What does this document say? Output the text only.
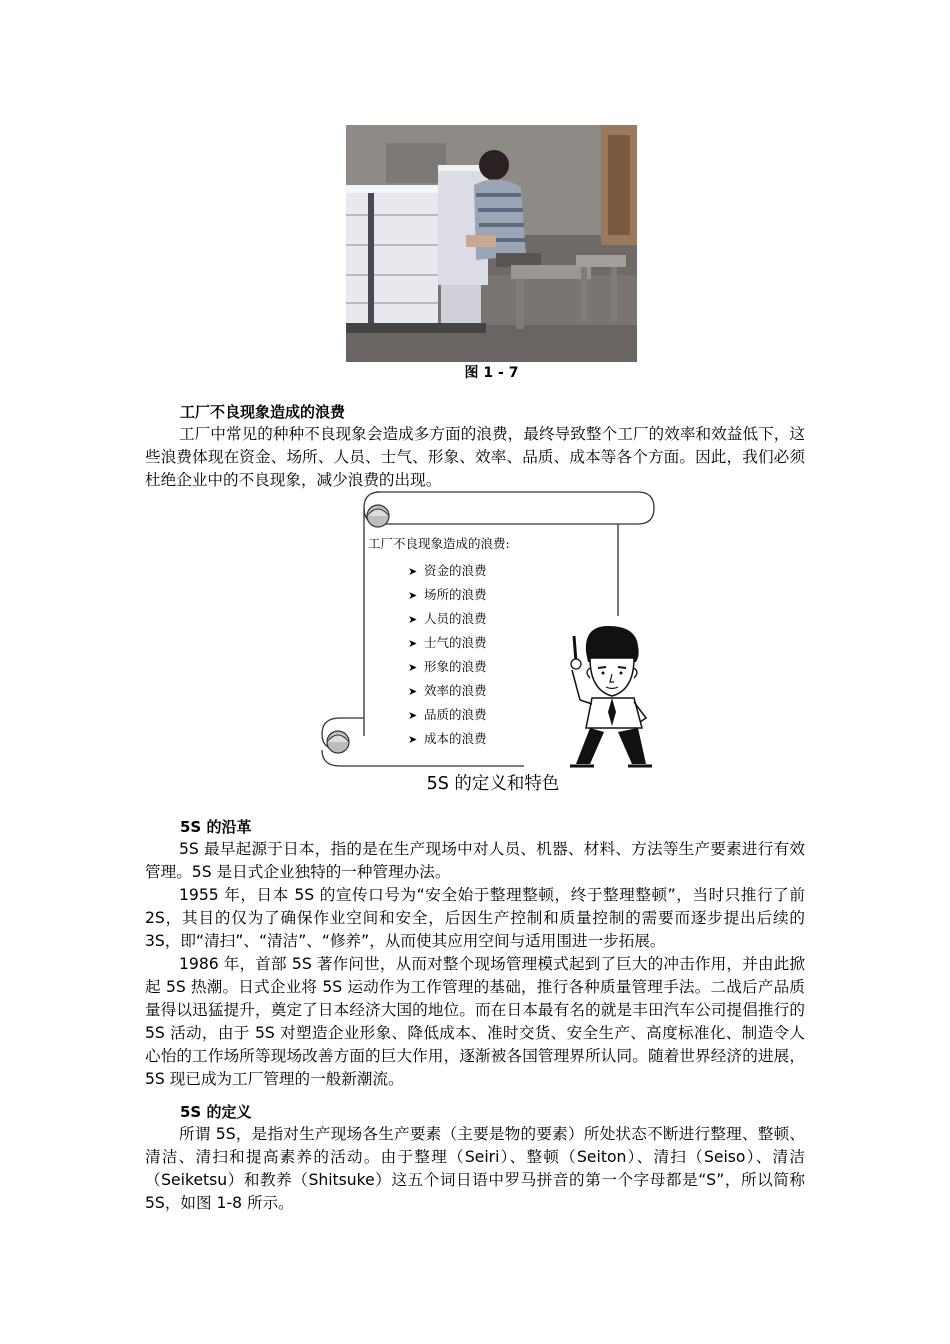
图 1 - 7
工厂不良现象造成的浪费

工厂中常见的种种不良现象会造成多方面的浪费，最终导致整个工厂的效率和效益低下，这些浪费体现在资金、场所、人员、士气、形象、效率、品质、成本等各个方面。因此，我们必须杜绝企业中的不良现象，减少浪费的出现。

工厂不良现象造成的浪费:
➤ 资金的浪费
➤ 场所的浪费
➤ 人员的浪费
➤ 士气的浪费
➤ 形象的浪费
➤ 效率的浪费
➤ 品质的浪费
➤ 成本的浪费
5S 的定义和特色
5S 的沿革

5S 最早起源于日本，指的是在生产现场中对人员、机器、材料、方法等生产要素进行有效管理。5S 是日式企业独特的一种管理办法。

1955 年，日本 5S 的宣传口号为“安全始于整理整顿，终于整理整顿”，当时只推行了前 2S，其目的仅为了确保作业空间和安全，后因生产控制和质量控制的需要而逐步提出后续的 3S，即“清扫”、“清洁”、“修养”，从而使其应用空间与适用围进一步拓展。

1986 年，首部 5S 著作问世，从而对整个现场管理模式起到了巨大的冲击作用，并由此掀起 5S 热潮。日式企业将 5S 运动作为工作管理的基础，推行各种质量管理手法。二战后产品质量得以迅猛提升，奠定了日本经济大国的地位。而在日本最有名的就是丰田汽车公司提倡推行的 5S 活动，由于 5S 对塑造企业形象、降低成本、准时交货、安全生产、高度标准化、制造令人心怡的工作场所等现场改善方面的巨大作用，逐渐被各国管理界所认同。随着世界经济的进展，5S 现已成为工厂管理的一般新潮流。

5S 的定义

所谓 5S，是指对生产现场各生产要素（主要是物的要素）所处状态不断进行整理、整顿、清洁、清扫和提高素养的活动。由于整理（Seiri）、整顿（Seiton）、清扫（Seiso）、清洁（Seiketsu）和教养（Shitsuke）这五个词日语中罗马拼音的第一个字母都是“S”，所以简称 5S，如图 1-8 所示。
